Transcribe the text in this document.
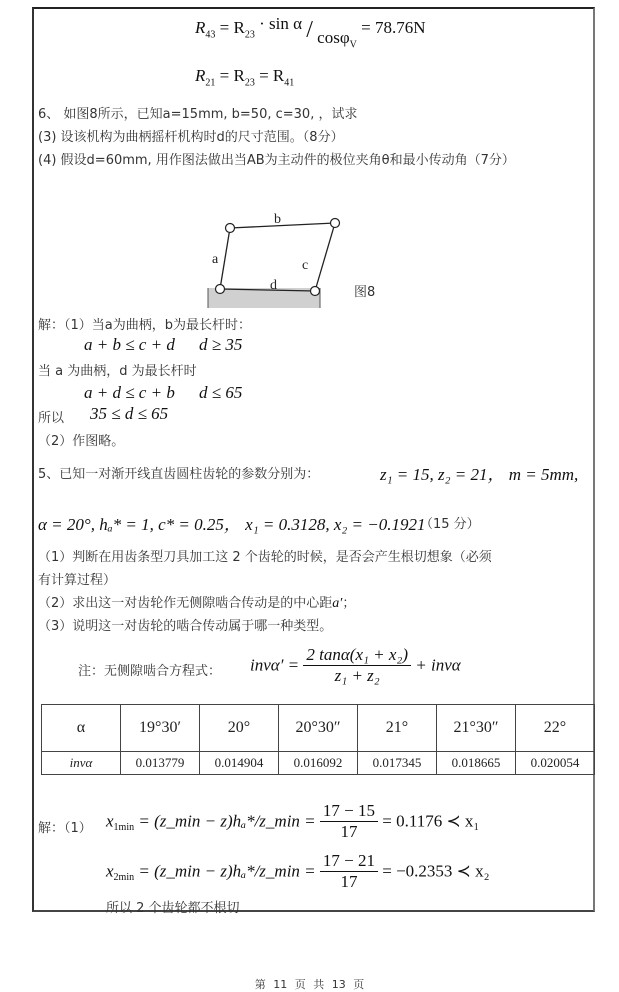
$R_{43} = R_{23} \cdot \sin \alpha / \cos\varphi_V = 78.76N$
$R_{21} = R_{23} = R_{41}$
6、 如图8所示，已知a=15mm, b=50, c=30, ，试求
(3) 设该机构为曲柄摇杆机构时d的尺寸范围。（8分）
(4) 假设d=60mm, 用作图法做出当AB为主动件的极位夹角θ和最小传动角（7分）
a
b
c
d	图8
解：（1）当a为曲柄，b为最长杆时：
a + b ≤ c + d d ≥ 35
当 a 为曲柄，d 为最长杆时
a + d ≤ c + b d ≤ 65
所以 35 ≤ d ≤ 65
（2）作图略。
5、已知一对渐开线直齿圆柱齿轮的参数分别为：	z₁ = 15, z₂ = 21， m = 5mm,
α = 20°, hₐ* = 1, c* = 0.25， x₁ = 0.3128, x₂ = −0.1921
（15 分）
（1）判断在用齿条型刀具加工这 2 个齿轮的时候，是否会产生根切想象（必须
有计算过程）
（2）求出这一对齿轮作无侧隙啮合传动是的中心距a′；
（3）说明这一对齿轮的啮合传动属于哪一种类型。
注：无侧隙啮合方程式： $inv\alpha' = \frac{\text{2 tanα(x₁ + x₂)}}{\text{z₁ + z₂}} + inv\alpha$
α	19°30′	20°	20°30″	21°	21°30″	22°
invα	0.013779	0.014904	0.016092	0.017345	0.018665	0.020054
解：（1） $x_{1min}$ = (z_min − z)hₐ*/z_min = $\frac{17 - 15}{17} = 0.1176$ ≺ x₁
$x_{2min}$ = (z_min − z)hₐ*/z_min = $\frac{17 - 21}{17} = -0.2353$ ≺ x₂
所以 2 个齿轮都不根切
第 11 页 共 13 页
